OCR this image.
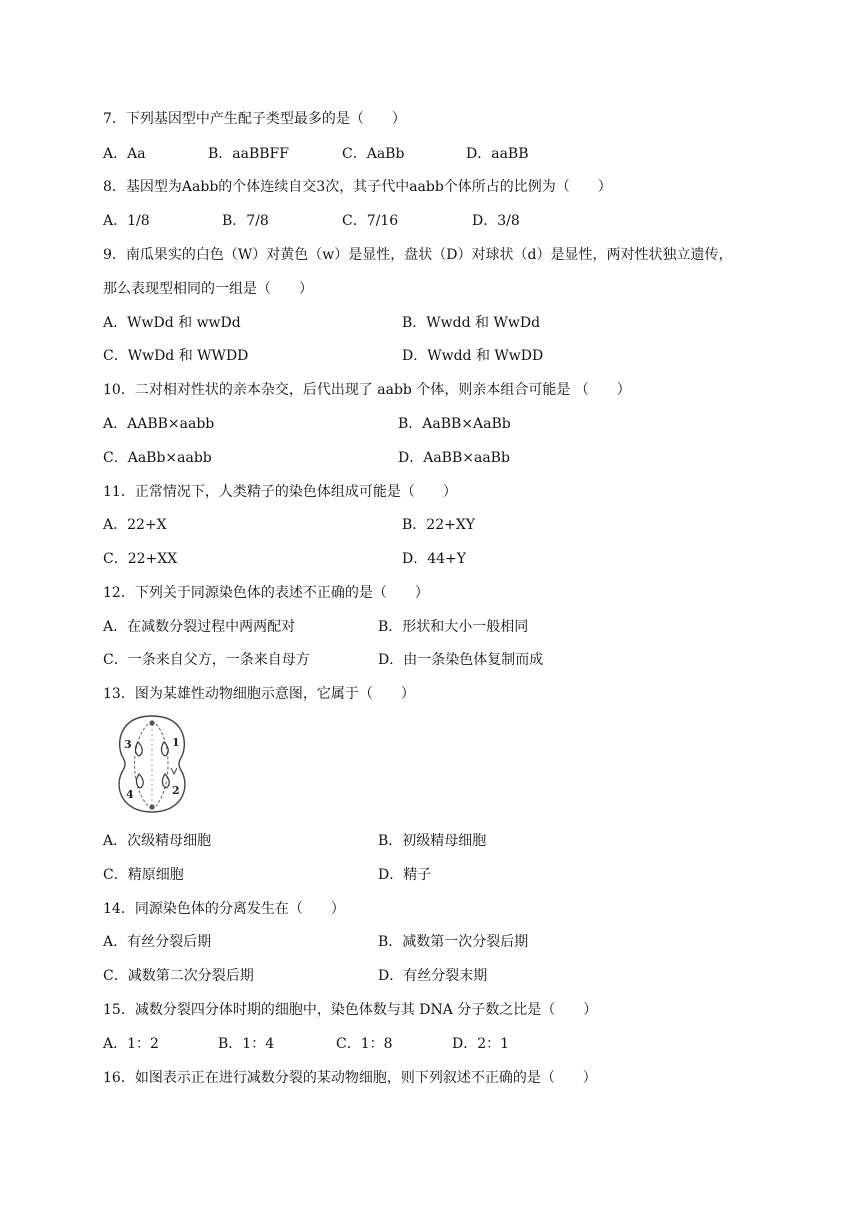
7．下列基因型中产生配子类型最多的是（　　）
A．Aa	B．aaBBFF	C．AaBb	D．aaBB
8．基因型为Aabb的个体连续自交3次，其子代中aabb个体所占的比例为（　　）
A．1/8	B．7/8	C．7/16	D．3/8
9．南瓜果实的白色（W）对黄色（w）是显性，盘状（D）对球状（d）是显性，两对性状独立遗传，
那么表现型相同的一组是（　　）
A．WwDd 和 wwDd	B．Wwdd 和 WwDd
C．WwDd 和 WWDD	D．Wwdd 和 WwDD
10．二对相对性状的亲本杂交，后代出现了 aabb 个体，则亲本组合可能是 （　　）
A．AABB×aabb	B．AaBB×AaBb
C．AaBb×aabb	D．AaBB×aaBb
11．正常情况下，人类精子的染色体组成可能是（　　）
A．22+X	B．22+XY
C．22+XX	D．44+Y
12．下列关于同源染色体的表述不正确的是（　　）
A．在减数分裂过程中两两配对	B．形状和大小一般相同
C．一条来自父方，一条来自母方	D．由一条染色体复制而成
13．图为某雄性动物细胞示意图，它属于（　　）
3	1
4	2
A．次级精母细胞	B．初级精母细胞
C．精原细胞	D．精子
14．同源染色体的分离发生在（　　）
A．有丝分裂后期	B．减数第一次分裂后期
C．减数第二次分裂后期	D．有丝分裂末期
15．减数分裂四分体时期的细胞中，染色体数与其 DNA 分子数之比是（　　）
A．1：2	B．1：4	C．1：8	D．2：1
16．如图表示正在进行减数分裂的某动物细胞，则下列叙述不正确的是（　　）
